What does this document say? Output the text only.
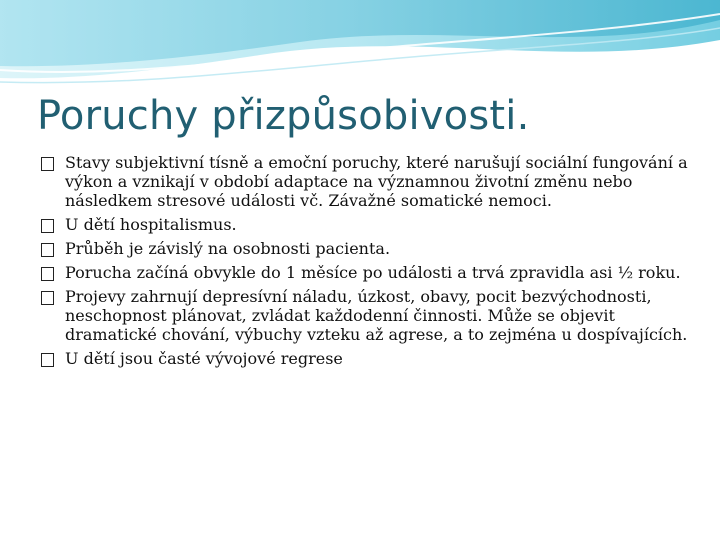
Poruchy přizpůsobivosti.
Stavy subjektivní tísně a emoční poruchy, které narušují sociální fungování a výkon a vznikají v období adaptace na významnou životní změnu nebo následkem stresové události vč. Závažné somatické nemoci.
U dětí hospitalismus.
Průběh je závislý na osobnosti pacienta.
Porucha začíná obvykle do 1 měsíce po události a trvá zpravidla asi ½ roku.
Projevy zahrnují depresívní náladu, úzkost, obavy, pocit bezvýchodnosti, neschopnost plánovat, zvládat každodenní činnosti. Může se objevit dramatické chování, výbuchy vzteku až agrese, a to zejména u dospívajících.
U dětí jsou časté vývojové regrese
